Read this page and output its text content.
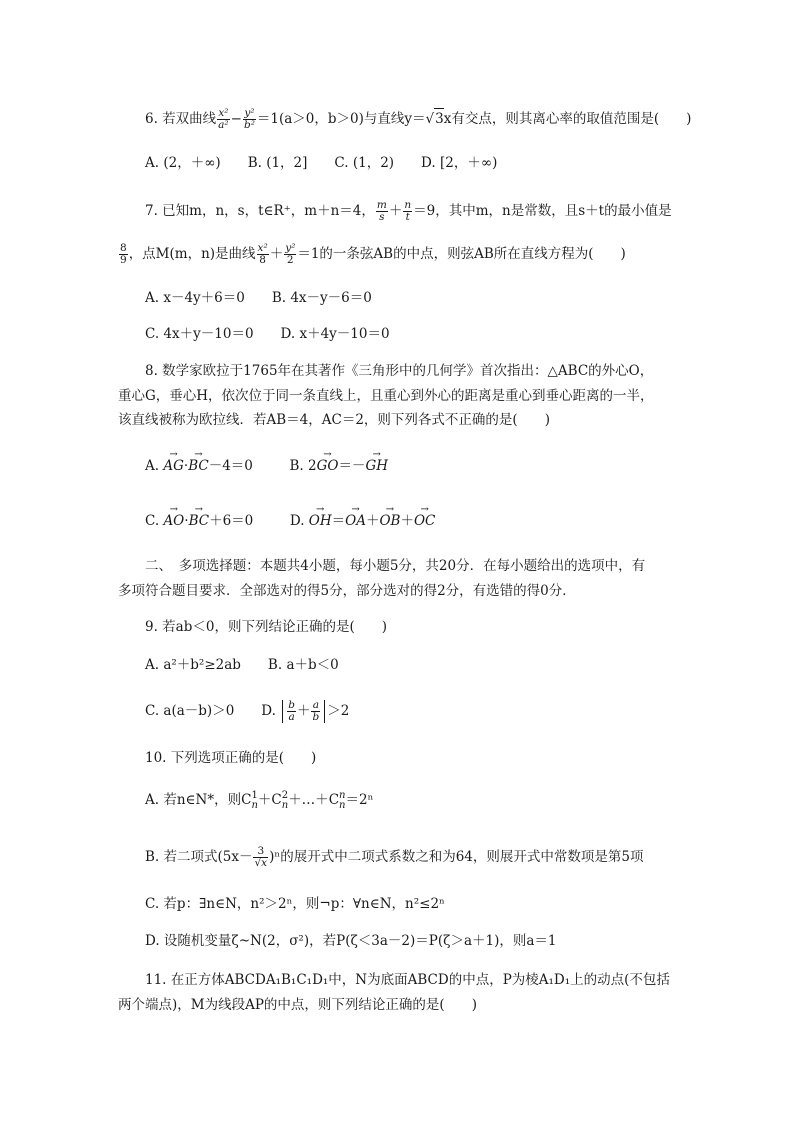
6. 若双曲线 $\frac{\text{x²}}{\text{a²}} - \frac{\text{y²}}{\text{b²}} =1(a>0$，b＞0)与直线y＝√3x有交点，则其离心率的取值范围是(　　)
A. (2，＋∞)　　B. (1，2]　　C. (1，2)　　D. [2，＋∞)
7. 已知m，n，s，t∈R⁺，m＋n＝4， $\frac{m}{s} + \frac{n}{t} =9$，其中m，n是常数，且s＋t的最小值是
$\frac{8}{9}$ ，点M(m，n)是曲线 $\frac{\text{x²}}{8} + \frac{\text{y²}}{2} =1$的一条弦AB的中点，则弦AB所在直线方程为(　　)
A. x－4y＋6＝0　　B. 4x－y－6＝0
C. 4x＋y－10＝0　　D. x＋4y－10＝0
8. 数学家欧拉于1765年在其著作《三角形中的几何学》首次指出：△ABC的外心O，
重心G，垂心H，依次位于同一条直线上，且重心到外心的距离是重心到垂心距离的一半，
该直线被称为欧拉线．若AB＝4，AC＝2，则下列各式不正确的是(　　)
A. → AG·→ BC－4＝0	B. 2→ GO＝－→ GH
C. → AO·→ BC＋6＝0	D. → OH＝→ OA＋→ OB＋→ OC
二、　多项选择题：本题共4小题，每小题5分，共20分．在每小题给出的选项中，有
多项符合题目要求．全部选对的得5分，部分选对的得2分，有选错的得0分．
9. 若ab＜0，则下列结论正确的是(　　)
A. a²＋b²≥2ab　　B. a＋b＜0
C. a(a－b)＞0　　D. $\frac{b}{a} + \frac{a}{b} >2$
10. 下列选项正确的是(　　)
A. 若n∈N*，则C 1
n ＋C 2
n ＋…＋C n
n ＝2ⁿ
B. 若二项式$(5x- \frac{3}{√x} )^n$的展开式中二项式系数之和为64，则展开式中常数项是第5项
C. 若p：∃n∈N，n²＞2ⁿ，则¬p：∀n∈N，n²≤2ⁿ
D. 设随机变量ζ~N(2，σ²)，若P(ζ＜3a－2)＝P(ζ＞a＋1)，则a＝1
11. 在正方体ABCDA₁B₁C₁D₁中，N为底面ABCD的中点，P为棱A₁D₁上的动点(不包括
两个端点)，M为线段AP的中点，则下列结论正确的是(　　)
